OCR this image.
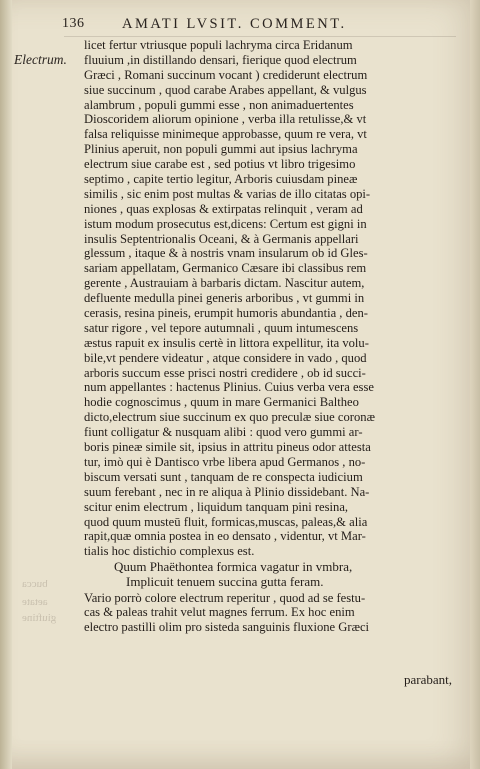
136	AMATI LVSIT. COMMENT.
Electrum.
bucca
aetate
giuftine
licet fertur vtriusque populi lachryma circa Eridanum
fluuium ,in distillando densari, fierique quod electrum
Græci , Romani succinum vocant ) crediderunt electrum
siue succinum , quod carabe Arabes appellant, & vulgus
alambrum , populi gummi esse , non animaduertentes
Dioscoridem aliorum opinione , verba illa retulisse,& vt
falsa reliquisse minimeque approbasse, quum re vera, vt
Plinius aperuit, non populi gummi aut ipsius lachryma
electrum siue carabe est , sed potius vt libro trigesimo
septimo , capite tertio legitur, Arboris cuiusdam pineæ
similis , sic enim post multas & varias de illo citatas opi-
niones , quas explosas & extirpatas relinquit , veram ad
istum modum prosecutus est,dicens: Certum est gigni in
insulis Septentrionalis Oceani, & à Germanis appellari
glessum , itaque & à nostris vnam insularum ob id Gles-
sariam appellatam, Germanico Cæsare ibi classibus rem
gerente , Austrauiam à barbaris dictam. Nascitur autem,
defluente medulla pinei generis arboribus , vt gummi in
cerasis, resina pineis, erumpit humoris abundantia , den-
satur rigore , vel tepore autumnali , quum intumescens
æstus rapuit ex insulis certè in littora expellitur, ita volu-
bile,vt pendere videatur , atque considere in vado , quod
arboris succum esse prisci nostri credidere , ob id succi-
num appellantes : hactenus Plinius. Cuius verba vera esse
hodie cognoscimus , quum in mare Germanici Baltheo
dicto,electrum siue succinum ex quo preculæ siue coronæ
fiunt colligatur & nusquam alibi : quod vero gummi ar-
boris pineæ simile sit, ipsius in attritu pineus odor attesta
tur, imò qui è Dantisco vrbe libera apud Germanos , no-
biscum versati sunt , tanquam de re conspecta iudicium
suum ferebant , nec in re aliqua à Plinio dissidebant. Na-
scitur enim electrum , liquidum tanquam pini resina,
quod quum musteū fluit, formicas,muscas, paleas,& alia
rapit,quæ omnia postea in eo densato , videntur, vt Mar-
tialis hoc distichio complexus est.
Quum Phaëthontea formica vagatur in vmbra,
Implicuit tenuem succina gutta feram.
Vario porrò colore electrum reperitur , quod ad se festu-
cas & paleas trahit velut magnes ferrum. Ex hoc enim
electro pastilli olim pro sisteda sanguinis fluxione Græci
parabant,
